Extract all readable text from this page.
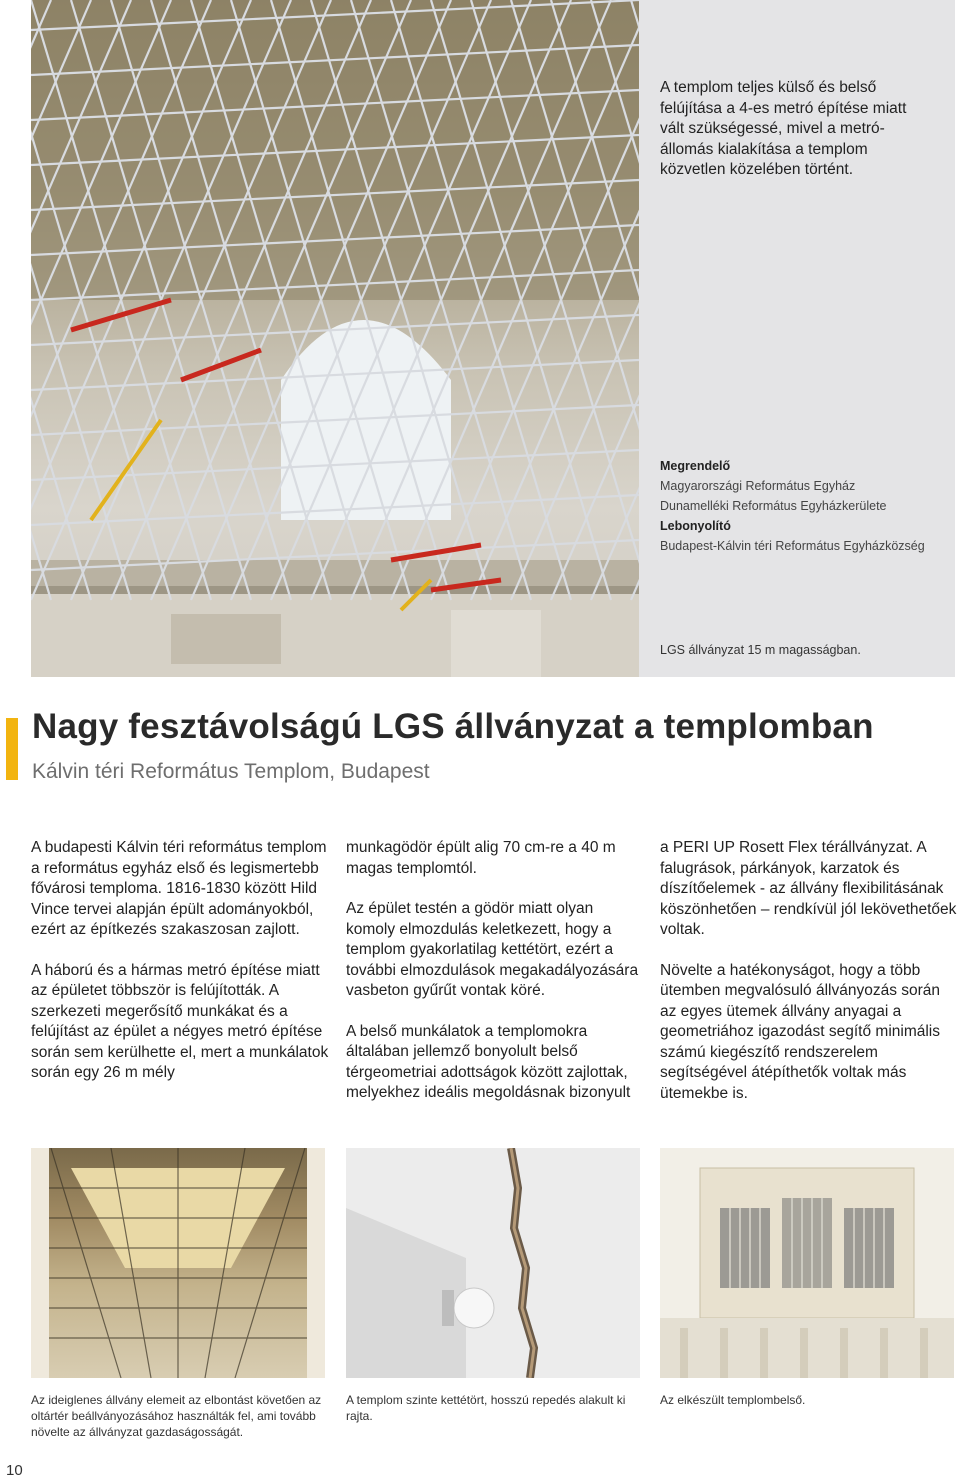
A templom teljes külső és belső felújítása a 4-es metró építése miatt vált szükségessé, mivel a metró-állomás kialakítása a templom közvetlen közelében történt.
Megrendelő
Magyarországi Református Egyház
Dunamelléki Református Egyházkerülete
Lebonyolító
Budapest-Kálvin téri Református Egyházközség
LGS állványzat 15 m magasságban.
Nagy fesztávolságú LGS állványzat a templomban
Kálvin téri Református Templom, Budapest

A budapesti Kálvin téri református templom a református egyház első és legismertebb fővárosi temploma. 1816-1830 között Hild Vince tervei alapján épült adományokból, ezért az építkezés szakaszosan zajlott.

A háború és a hármas metró építése miatt az épületet többször is felújították. A szerkezeti megerősítő munkákat és a felújítást az épület a négyes metró építése során sem kerülhette el, mert a munkálatok során egy 26 m mély

munkagödör épült alig 70 cm-re a 40 m magas templomtól.

Az épület testén a gödör miatt olyan komoly elmozdulás keletkezett, hogy a templom gyakorlatilag kettétört, ezért a további elmozdulások megakadályozására vasbeton gyűrűt vontak köré.

A belső munkálatok a templomokra általában jellemző bonyolult belső térgeometriai adottságok között zajlottak, melyekhez ideális megoldásnak bizonyult

a PERI UP Rosett Flex térállványzat. A falugrások, párkányok, karzatok és díszítőelemek - az állvány flexibilitásának köszönhetően – rendkívül jól lekövethetőek voltak.

Növelte a hatékonyságot, hogy a több ütemben megvalósuló állványozás során az egyes ütemek állvány anyagai a geometriához igazodást segítő minimális számú kiegészítő rendszerelem segítségével átépíthetők voltak más ütemekbe is.

Az ideiglenes állvány elemeit az elbontást követően az oltártér beállványozásához használták fel, ami tovább növelte az állványzat gazdaságosságát.
A templom szinte kettétört, hosszú repedés alakult ki rajta.
Az elkészült templombelső.
10
